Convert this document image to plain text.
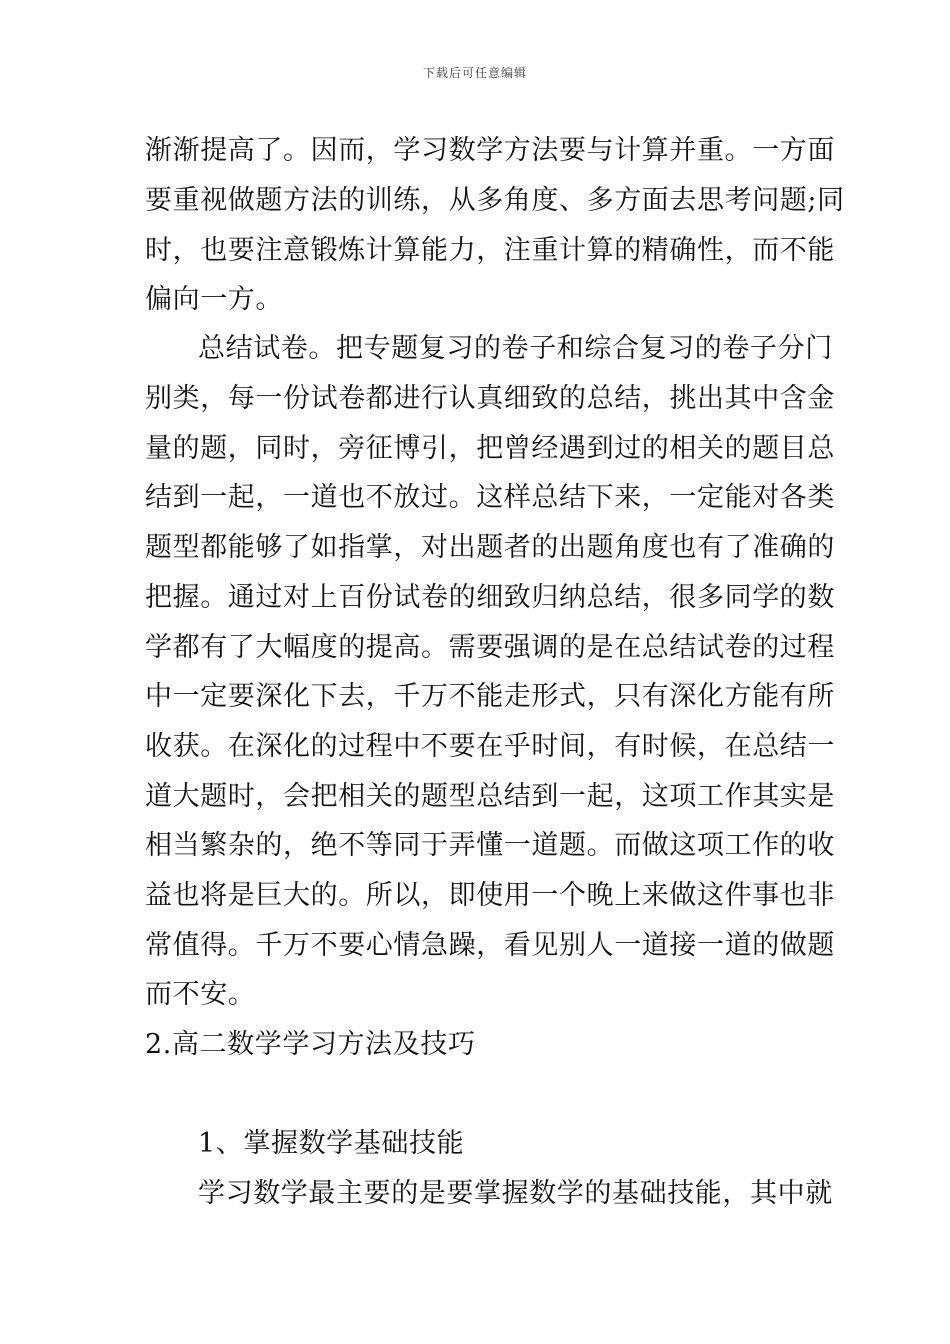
下载后可任意编辑
渐渐提高了。因而，学习数学方法要与计算并重。一方面
要重视做题方法的训练，从多角度、多方面去思考问题;同
时，也要注意锻炼计算能力，注重计算的精确性，而不能
偏向一方。
总结试卷。把专题复习的卷子和综合复习的卷子分门
别类，每一份试卷都进行认真细致的总结，挑出其中含金
量的题，同时，旁征博引，把曾经遇到过的相关的题目总
结到一起，一道也不放过。这样总结下来，一定能对各类
题型都能够了如指掌，对出题者的出题角度也有了准确的
把握。通过对上百份试卷的细致归纳总结，很多同学的数
学都有了大幅度的提高。需要强调的是在总结试卷的过程
中一定要深化下去，千万不能走形式，只有深化方能有所
收获。在深化的过程中不要在乎时间，有时候，在总结一
道大题时，会把相关的题型总结到一起，这项工作其实是
相当繁杂的，绝不等同于弄懂一道题。而做这项工作的收
益也将是巨大的。所以，即使用一个晚上来做这件事也非
常值得。千万不要心情急躁，看见别人一道接一道的做题
而不安。
2.高二数学学习方法及技巧
1、掌握数学基础技能
学习数学最主要的是要掌握数学的基础技能，其中就
